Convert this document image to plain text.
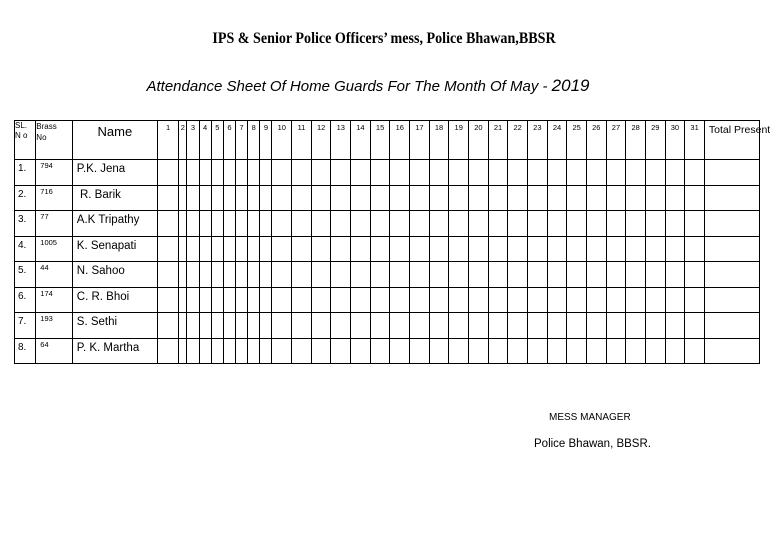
IPS & Senior Police Officers’ mess, Police Bhawan,BBSR
Attendance Sheet Of Home Guards For The Month Of May - 2019
SL. N o	Brass No	Name	1	2	3	4	5	6	7	8	9	10	11	12	13	14	15	16	17	18	19	20	21	22	23	24	25	26	27	28	29	30	31	Total Present
1.	794	P.K. Jena																																
2.	716	R. Barik																																
3.	77	A.K Tripathy																																
4.	1005	K. Senapati																																
5.	44	N. Sahoo																																
6.	174	C. R. Bhoi																																
7.	193	S. Sethi																																
8.	64	P. K. Martha																																
MESS MANAGER
Police Bhawan, BBSR.
